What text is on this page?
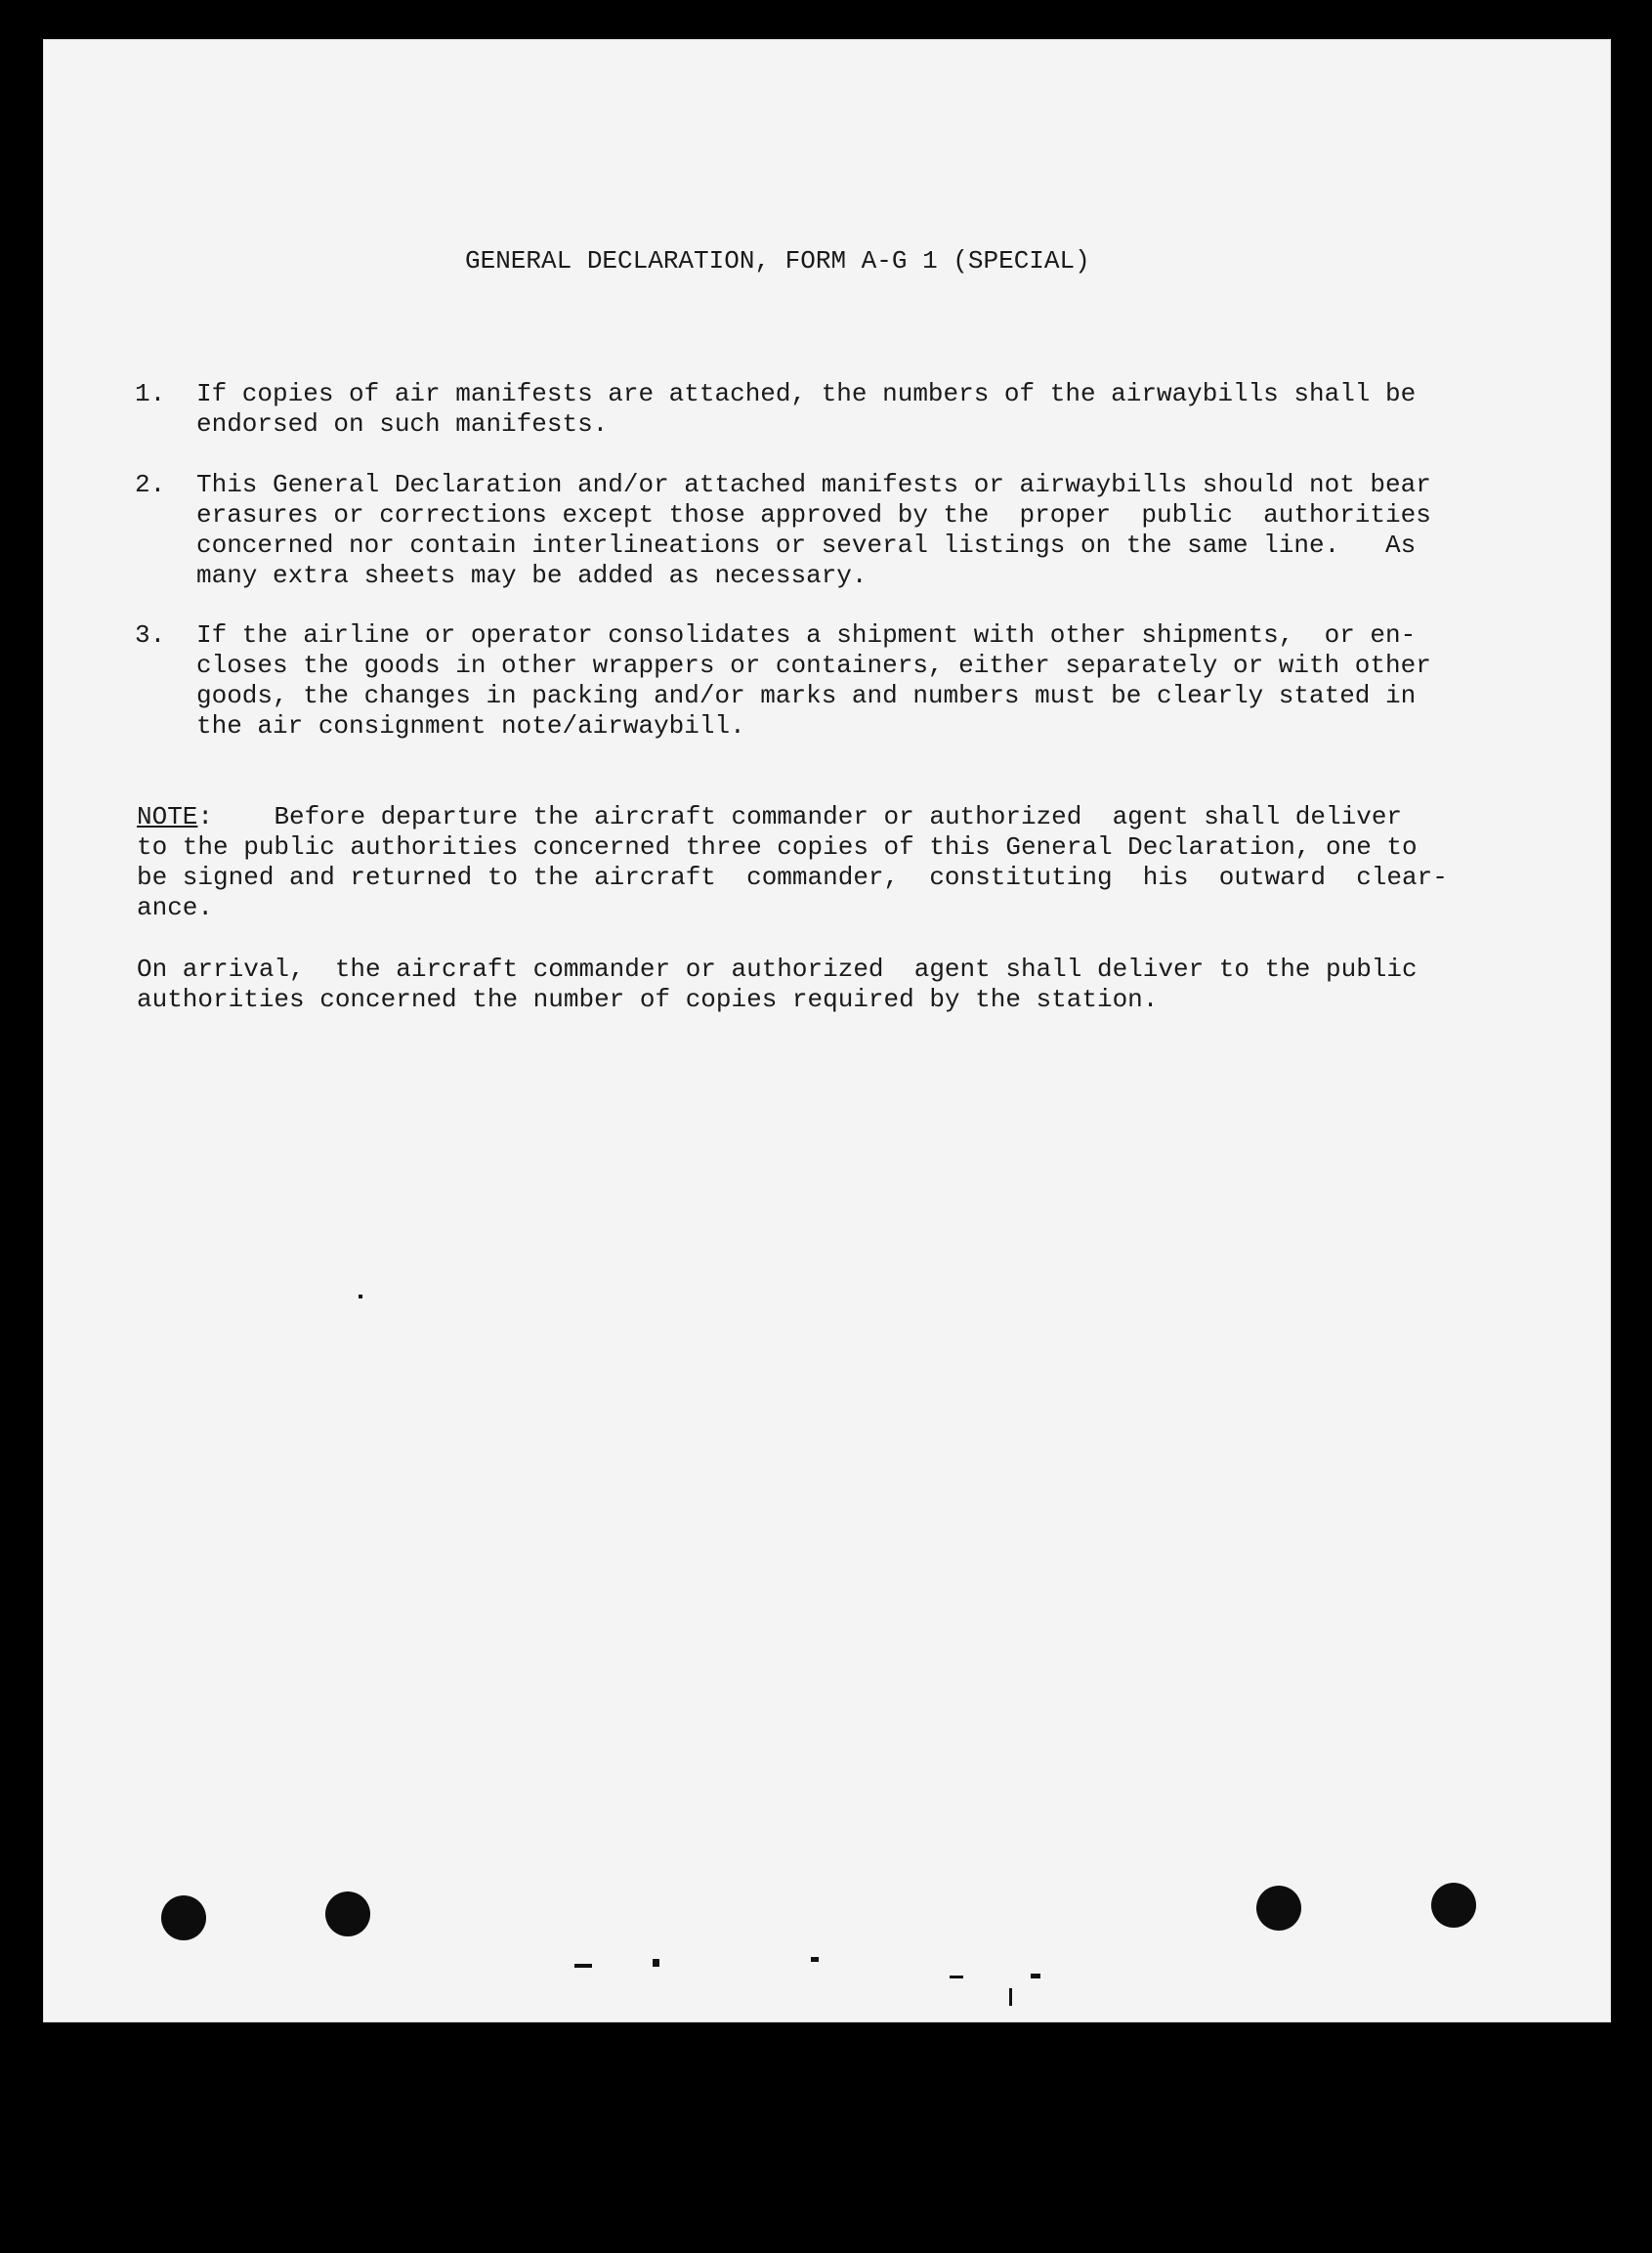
GENERAL DECLARATION, FORM A-G 1 (SPECIAL)
1. If copies of air manifests are attached, the numbers of the airwaybills shall be
endorsed on such manifests.
2. This General Declaration and/or attached manifests or airwaybills should not bear
erasures or corrections except those approved by the  proper  public  authorities
concerned nor contain interlineations or several listings on the same line.   As
many extra sheets may be added as necessary.
3. If the airline or operator consolidates a shipment with other shipments,  or en-
closes the goods in other wrappers or containers, either separately or with other
goods, the changes in packing and/or marks and numbers must be clearly stated in
the air consignment note/airwaybill.
NOTE:    Before departure the aircraft commander or authorized  agent shall deliver
to the public authorities concerned three copies of this General Declaration, one to
be signed and returned to the aircraft  commander,  constituting  his  outward  clear-
ance.
On arrival,  the aircraft commander or authorized  agent shall deliver to the public
authorities concerned the number of copies required by the station.
